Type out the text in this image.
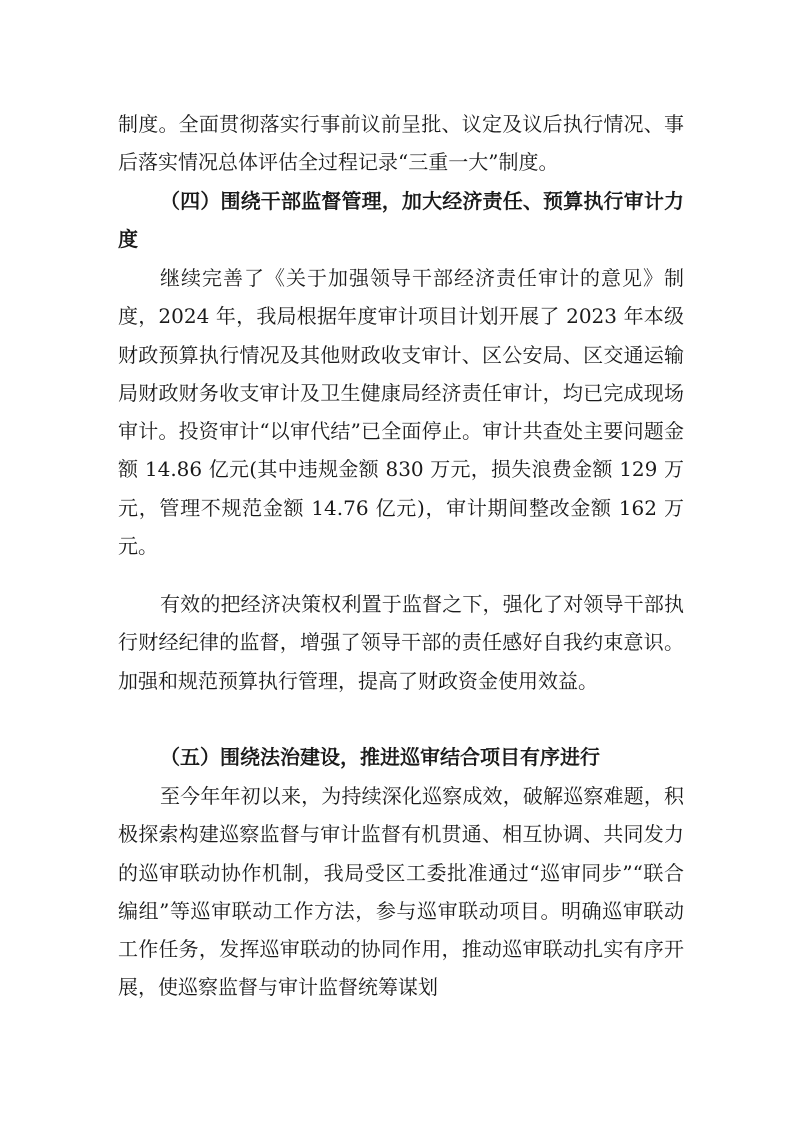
制度。全面贯彻落实行事前议前呈批、议定及议后执行情况、事后落实情况总体评估全过程记录“三重一大”制度。

（四）围绕干部监督管理，加大经济责任、预算执行审计力度

继续完善了《关于加强领导干部经济责任审计的意见》制度，2024 年，我局根据年度审计项目计划开展了 2023 年本级财政预算执行情况及其他财政收支审计、区公安局、区交通运输局财政财务收支审计及卫生健康局经济责任审计，均已完成现场审计。投资审计“以审代结”已全面停止。审计共查处主要问题金额 14.86 亿元(其中违规金额 830 万元，损失浪费金额 129 万元，管理不规范金额 14.76 亿元)，审计期间整改金额 162 万元。

有效的把经济决策权利置于监督之下，强化了对领导干部执行财经纪律的监督，增强了领导干部的责任感好自我约束意识。加强和规范预算执行管理，提高了财政资金使用效益。

（五）围绕法治建设，推进巡审结合项目有序进行

至今年年初以来，为持续深化巡察成效，破解巡察难题，积极探索构建巡察监督与审计监督有机贯通、相互协调、共同发力的巡审联动协作机制，我局受区工委批准通过“巡审同步”“联合编组”等巡审联动工作方法，参与巡审联动项目。明确巡审联动工作任务，发挥巡审联动的协同作用，推动巡审联动扎实有序开展，使巡察监督与审计监督统筹谋划
